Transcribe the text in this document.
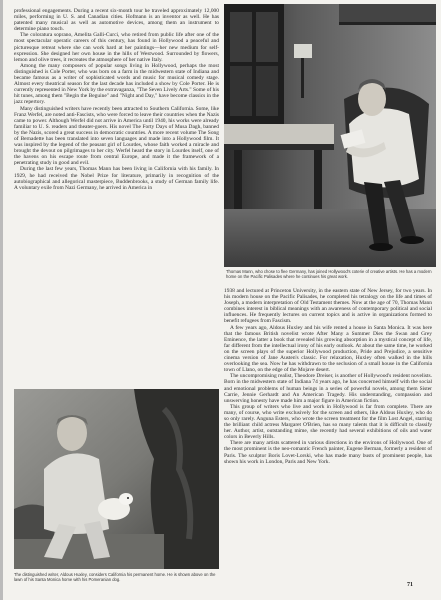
professional engagements. During a recent six-month tour he traveled approximately 12,000 miles, performing in U. S. and Canadian cities. Hofmann is an inventor as well. He has patented many musical as well as automotive devices, among them an instrument to determine piano touch.

The coloratura soprano, Amelita Galli-Curci, who retired from public life after one of the most spectacular operatic careers of this century, has found in Hollywood a peaceful and picturesque retreat where she can work hard at her paintings—her new medium for self-expression. She designed her own house in the hills of Westwood. Surrounded by flowers, lemon and olive trees, it recreates the atmosphere of her native Italy.

Among the many composers of popular songs living in Hollywood, perhaps the most distinguished is Cole Porter, who was born on a farm in the midwestern state of Indiana and became famous as a writer of sophisticated words and music for musical comedy stage. Almost every theatrical season for the last decade has included a show by Cole Porter. He is currently represented in New York by the extravaganza, "The Seven Lively Arts." Some of his hit tunes, among them "Begin the Beguine" and "Night and Day," have become classics in the jazz repertory.

Many distinguished writers have recently been attracted to Southern California. Some, like Franz Werfel, are noted anti-Fascists, who were forced to leave their countries when the Nazis came to power. Although Werfel did not arrive in America until 1940, his works were already familiar to U. S. readers and theater-goers. His novel The Forty Days of Musa Dagh, banned by the Nazis, scored a great success in democratic countries. A more recent volume The Song of Bernadette has been translated into seven languages and made into a Hollywood film. It was inspired by the legend of the peasant girl of Lourdes, whose faith worked a miracle and brought the devout on pilgrimages to her city. Werfel heard the story in Lourdes itself, one of the havens on his escape route from central Europe, and made it the framework of a penetrating study in good and evil.

During the last few years, Thomas Mann has been living in California with his family. In 1929, he had received the Nobel Prize for literature, primarily in recognition of the autobiographical and allegorical masterpiece, Buddenbrooks, a study of German family life. A voluntary exile from Nazi Germany, he arrived in America in

Thomas Mann, who chose to flee Germany, has joined Hollywood's coterie of creative artists. He has a modern home on the Pacific Palisades where he continues his great work.

1938 and lectured at Princeton University, in the eastern state of New Jersey, for two years. In his modern house on the Pacific Palisades, he completed his tetralogy on the life and times of Joseph, a modern interpretation of Old Testament themes. Now at the age of 70, Thomas Mann combines interest in biblical meanings with an awareness of contemporary political and social influences. He frequently lectures on current topics and is active in organizations formed to benefit refugees from Fascism.

A few years ago, Aldous Huxley and his wife rented a house in Santa Monica. It was here that the famous British novelist wrote After Many a Summer Dies the Swan and Grey Eminence, the latter a book that revealed his growing absorption in a mystical concept of life, far different from the intellectual irony of his early outlook. At about the same time, he worked on the screen plays of the superior Hollywood production, Pride and Prejudice, a sensitive cinema version of Jane Austen's classic. For relaxation, Huxley often walked in the hills overlooking the sea. Now he has withdrawn to the seclusion of a small house in the California town of Llano, on the edge of the Mojave desert.

The uncompromising realist, Theodore Dreiser, is another of Hollywood's resident novelists. Born in the midwestern state of Indiana 74 years ago, he has concerned himself with the social and emotional problems of human beings in a series of powerful novels, among them Sister Carrie, Jennie Gerhardt and An American Tragedy. His understanding, compassion and unswerving honesty have made him a major figure in American fiction.

This group of writers who live and work in Hollywood is far from complete. There are many, of course, who write exclusively for the screen and others, like Aldous Huxley, who do so only rarely. Anguna Esters, who wrote the screen treatment for the film Lost Angel, starring the brilliant child actress Margaret O'Brien, has so many talents that it is difficult to classify her. Author, artist, outstanding mime, she recently had several exhibitions of oils and water colors in Beverly Hills.

There are many artists scattered in various directions in the environs of Hollywood. One of the most prominent is the neo-romantic French painter, Eugene Berman, formerly a resident of Paris. The sculptor Boris Lovet-Lorski, who has made many busts of prominent people, has shown his work in London, Paris and New York.

The distinguished writer, Aldous Huxley, considers California his permanent home. He is shown above on the lawn of his Santa Monica home with his Pomeranian dog.

71
